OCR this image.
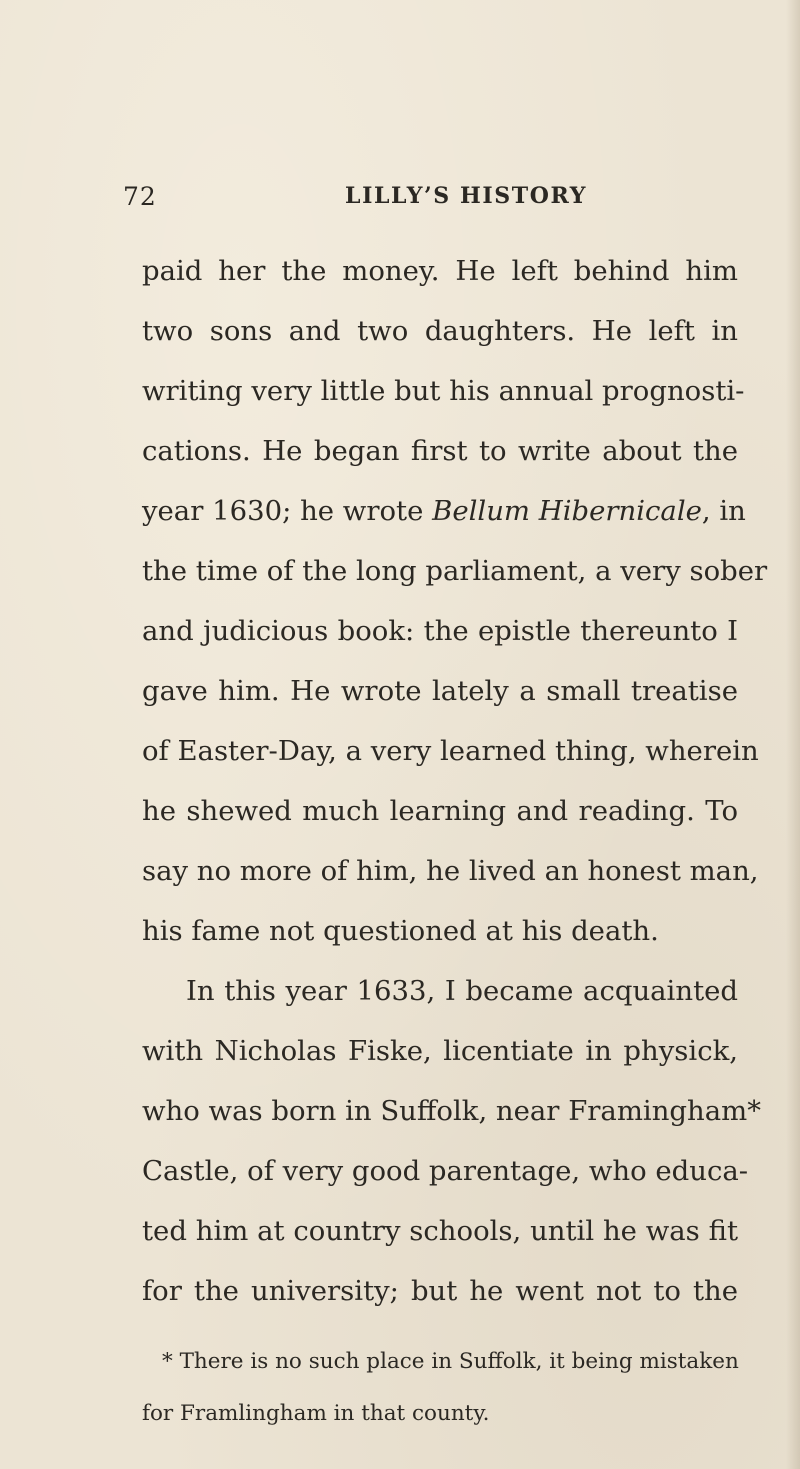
72	LILLY’S HISTORY
paid her the money. He left behind him
two sons and two daughters. He left in
writing very little but his annual prognosti-
cations. He began first to write about the
year 1630; he wrote Bellum Hibernicale, in
the time of the long parliament, a very sober
and judicious book: the epistle thereunto I
gave him. He wrote lately a small treatise
of Easter-Day, a very learned thing, wherein
he shewed much learning and reading. To
say no more of him, he lived an honest man,
his fame not questioned at his death.
In this year 1633, I became acquainted
with Nicholas Fiske, licentiate in physick,
who was born in Suffolk, near Framingham*
Castle, of very good parentage, who educa-
ted him at country schools, until he was fit
for the university; but he went not to the
* There is no such place in Suffolk, it being mistaken
for Framlingham in that county.
